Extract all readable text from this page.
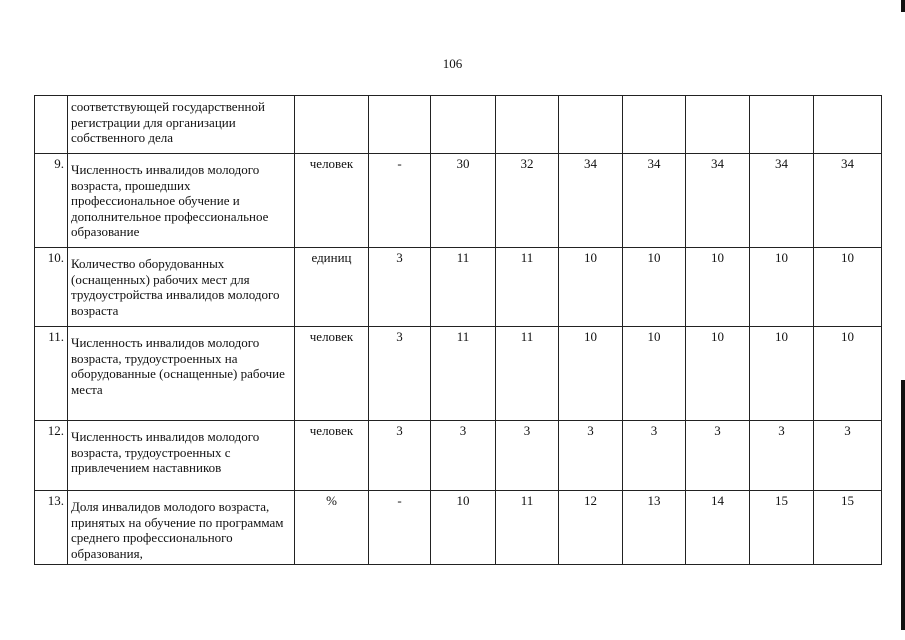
106
	соответствующей государственной регистрации для организации собственного дела									
9.	Численность инвалидов молодого возраста, прошедших профессиональное обучение и дополнительное профессиональное образование	человек	-	30	32	34	34	34	34	34
10.	Количество оборудованных (оснащенных) рабочих мест для трудоустройства инвалидов молодого возраста	единиц	3	11	11	10	10	10	10	10
11.	Численность инвалидов молодого возраста, трудоустроенных на оборудованные (оснащенные) рабочие места	человек	3	11	11	10	10	10	10	10
12.	Численность инвалидов молодого возраста, трудоустроенных с привлечением наставников	человек	3	3	3	3	3	3	3	3
13.	Доля инвалидов молодого возраста, принятых на обучение по программам среднего профессионального образования,	%	-	10	11	12	13	14	15	15
